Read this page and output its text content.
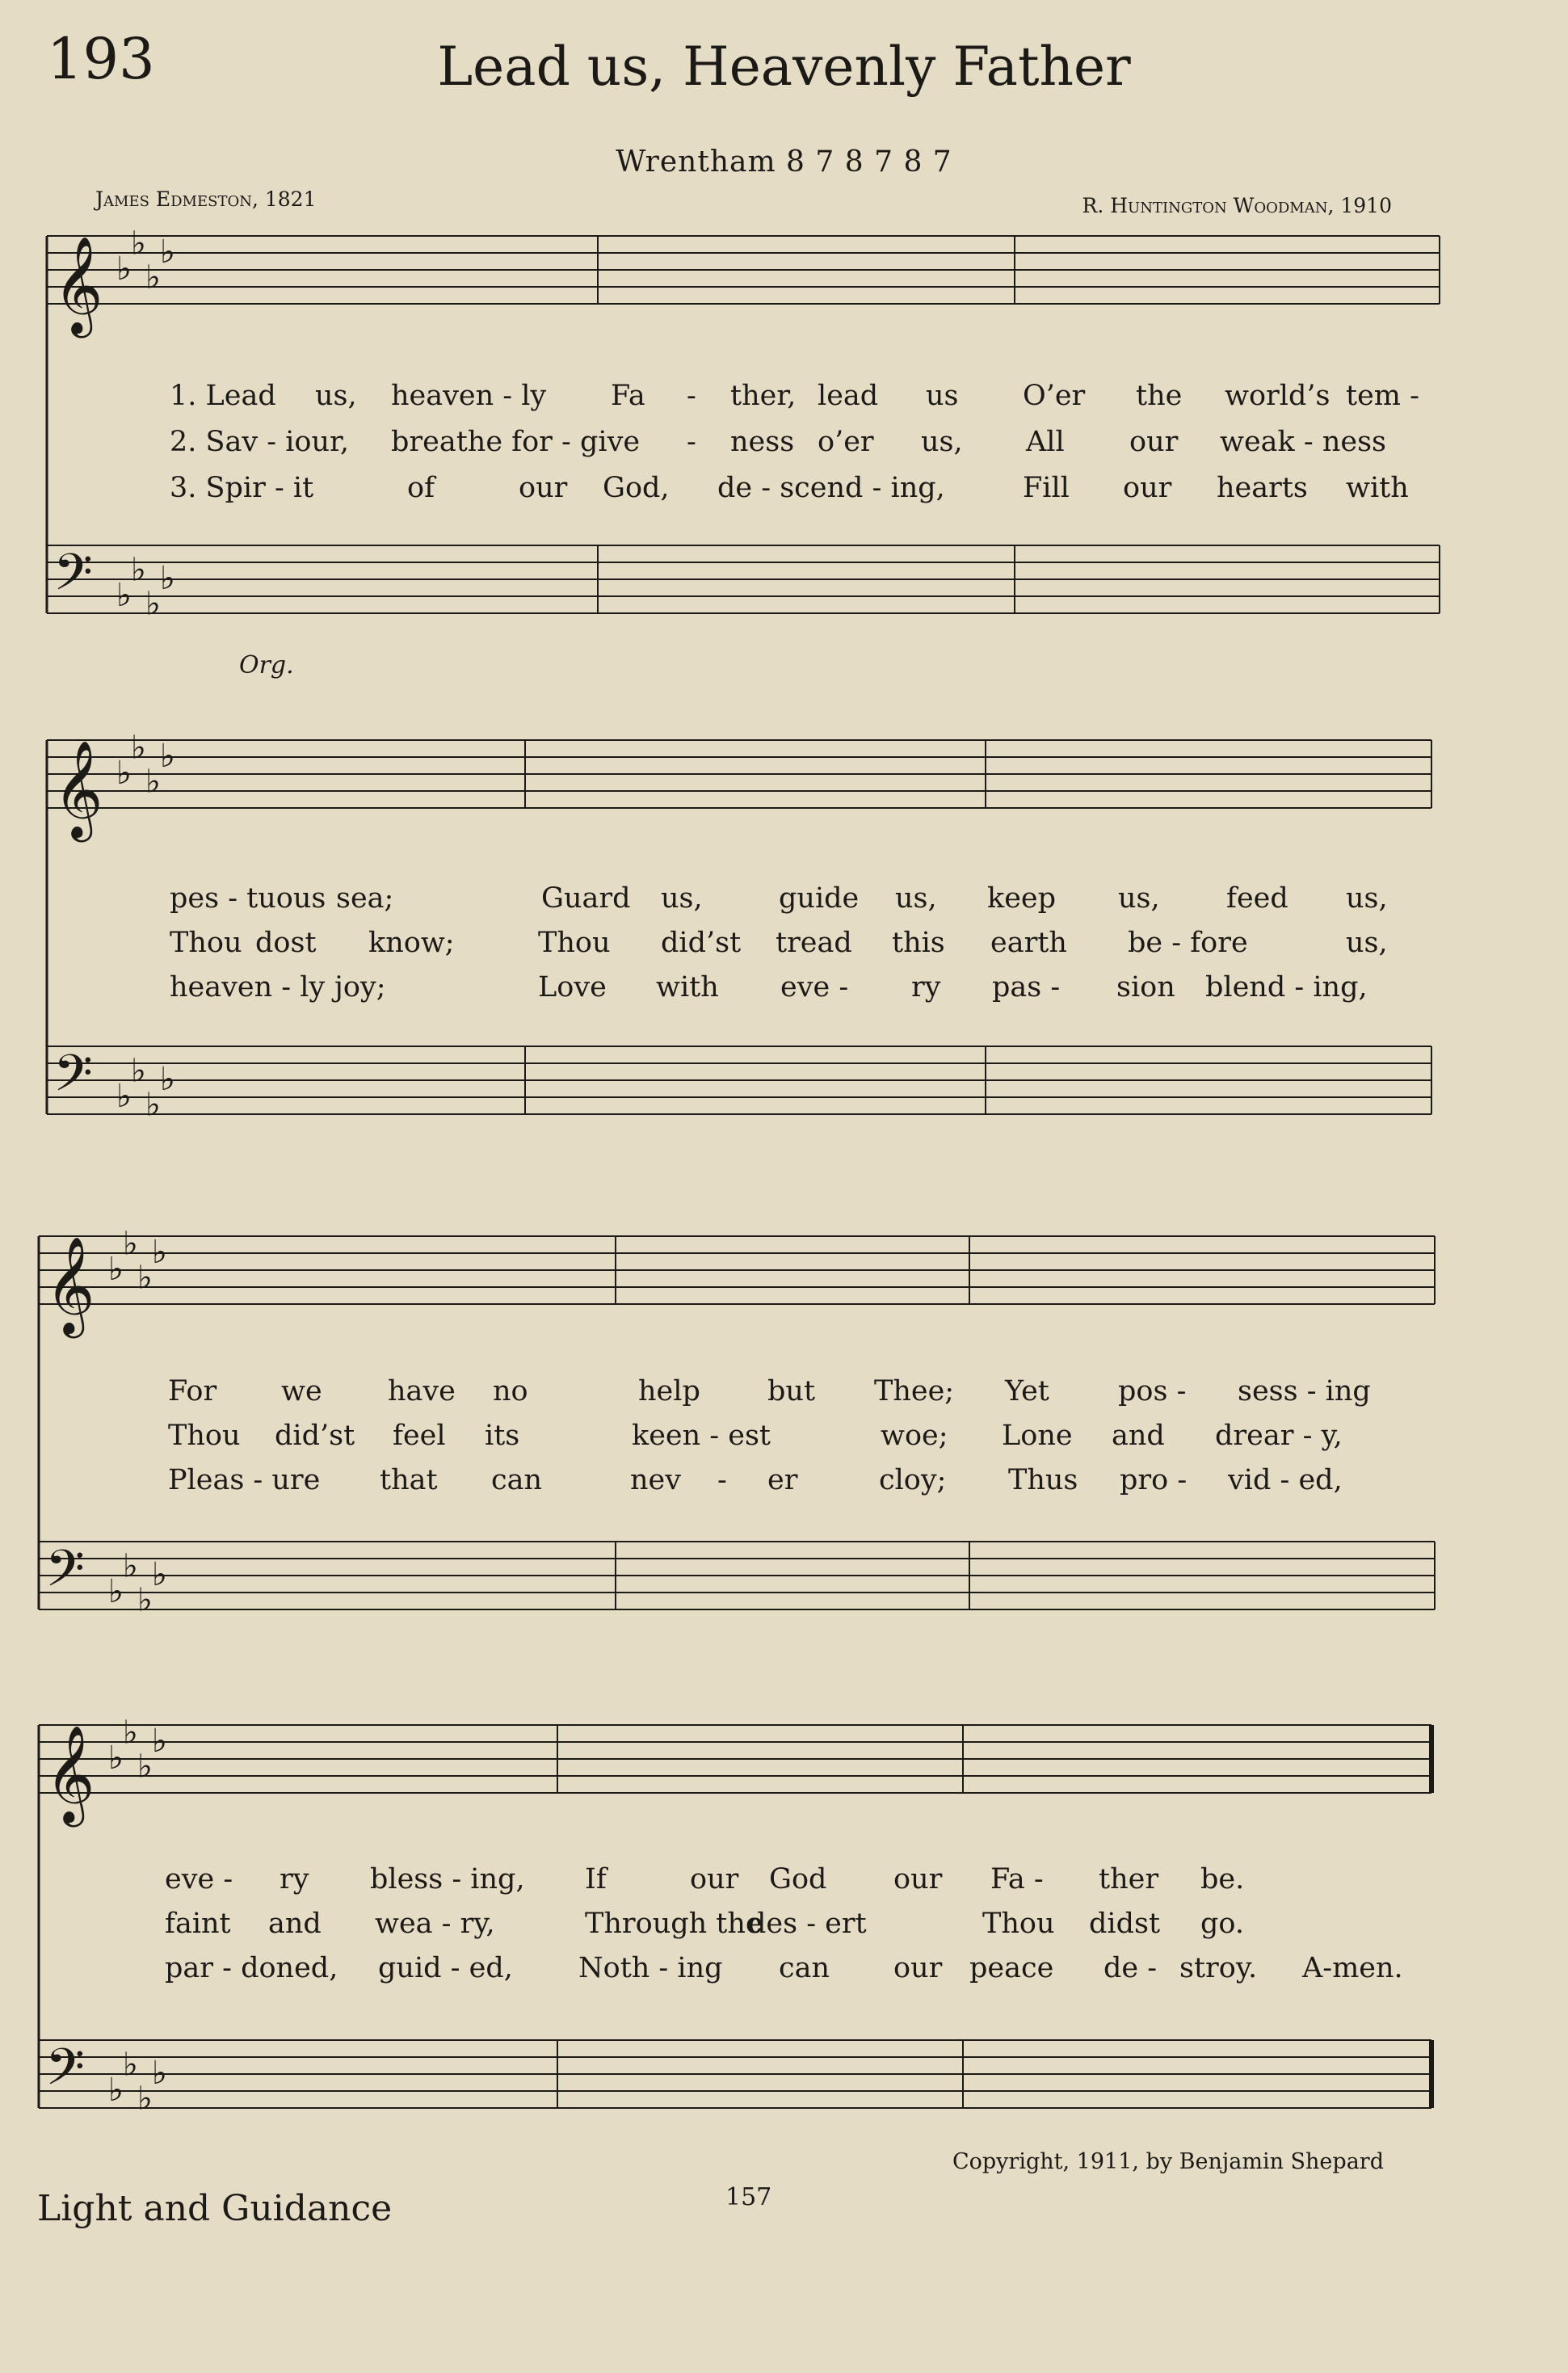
193	Lead us, Heavenly Father
Wrentham 8 7 8 7 8 7
James Edmeston, 1821	R. Huntington Woodman, 1910
𝄞 ♭
♭
♭
♭
𝄢 ♭
♭
♭
♭
𝄞 ♭
♭
♭
♭
𝄢 ♭
♭
♭
♭
𝄞 ♭
♭
♭
♭
𝄢 ♭
♭
♭
♭
𝄞 ♭
♭
♭
♭
𝄢 ♭
♭
♭
♭
Org.
1. Lead us, heaven - ly Fa - ther, lead us O’er the world’s tem -
2. Sav - iour, breathe for - give - ness o’er us, All our weak - ness
3. Spir - it	of	our God, de - scend - ing,	Fill our hearts with
pes - tuous sea;	Guard us,	guide us, keep us, feed us,
Thou dost know;	Thou did’st tread this earth be - fore	us,
heaven - ly joy;	Love with eve - ry pas - sion blend - ing,
For we have no	help but Thee; Yet pos - sess - ing
Thou did’st feel its	keen - est	woe; Lone and drear - y,
Pleas - ure that can	nev - er	cloy; Thus pro - vid - ed,
eve - ry bless - ing, If	our God our Fa - ther be.
faint and wea - ry,	Through the
des - ert	Thou didst go.
par - doned, guid - ed, Noth - ing can our peace de - stroy. A-men.
Copyright, 1911, by Benjamin Shepard
Light and Guidance	157
